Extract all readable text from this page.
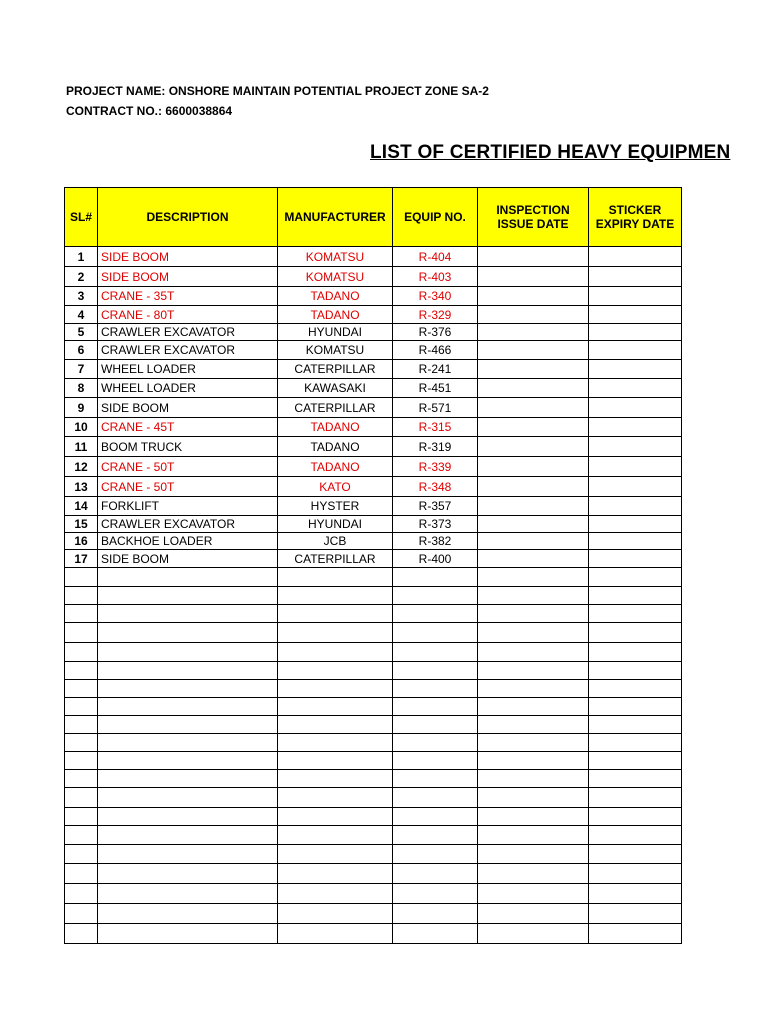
PROJECT NAME: ONSHORE MAINTAIN POTENTIAL PROJECT ZONE SA-2
CONTRACT NO.: 6600038864
LIST OF CERTIFIED HEAVY EQUIPMEN
SL#	DESCRIPTION	MANUFACTURER	EQUIP NO.	INSPECTION ISSUE DATE	STICKER EXPIRY DATE
1	SIDE BOOM	KOMATSU	R-404		
2	SIDE BOOM	KOMATSU	R-403		
3	CRANE - 35T	TADANO	R-340		
4	CRANE - 80T	TADANO	R-329		
5	CRAWLER EXCAVATOR	HYUNDAI	R-376		
6	CRAWLER EXCAVATOR	KOMATSU	R-466		
7	WHEEL LOADER	CATERPILLAR	R-241		
8	WHEEL LOADER	KAWASAKI	R-451		
9	SIDE BOOM	CATERPILLAR	R-571		
10	CRANE - 45T	TADANO	R-315		
11	BOOM TRUCK	TADANO	R-319		
12	CRANE - 50T	TADANO	R-339		
13	CRANE - 50T	KATO	R-348		
14	FORKLIFT	HYSTER	R-357		
15	CRAWLER EXCAVATOR	HYUNDAI	R-373		
16	BACKHOE LOADER	JCB	R-382		
17	SIDE BOOM	CATERPILLAR	R-400		
